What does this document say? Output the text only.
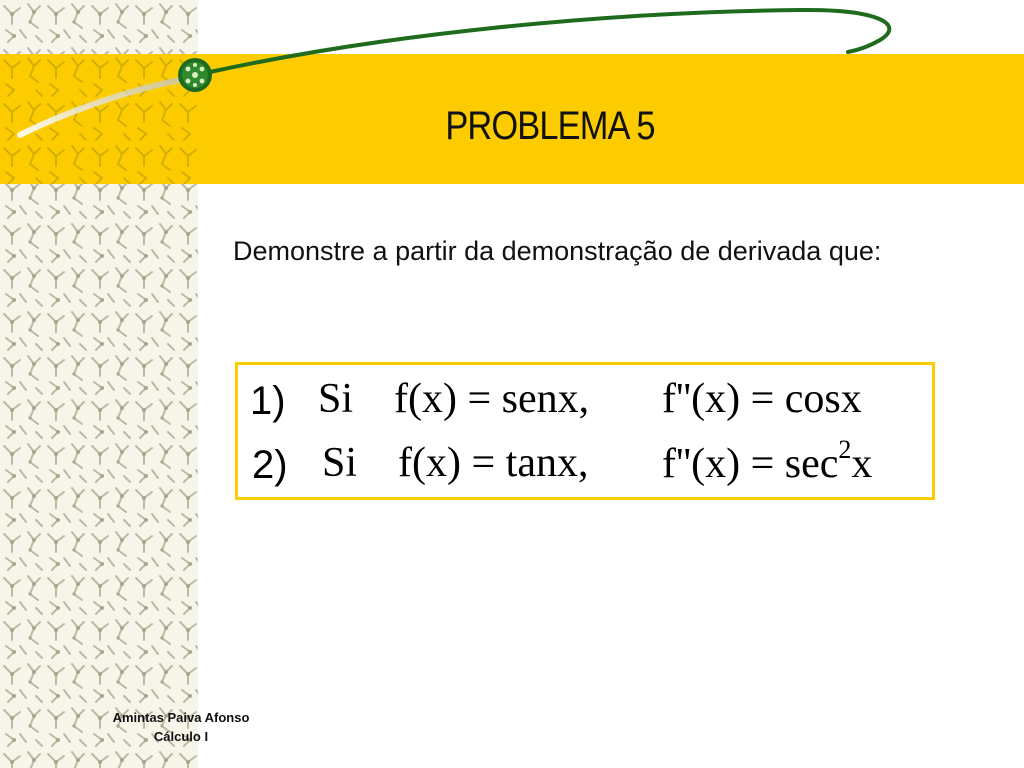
PROBLEMA 5
Demonstre a partir da demonstração de derivada que:
1) Si f(x) = senx, f''(x) = cosx
2) Si f(x) = tanx, $f''(x) = \sec^2x$
Amintas Paiva Afonso
Cálculo I
